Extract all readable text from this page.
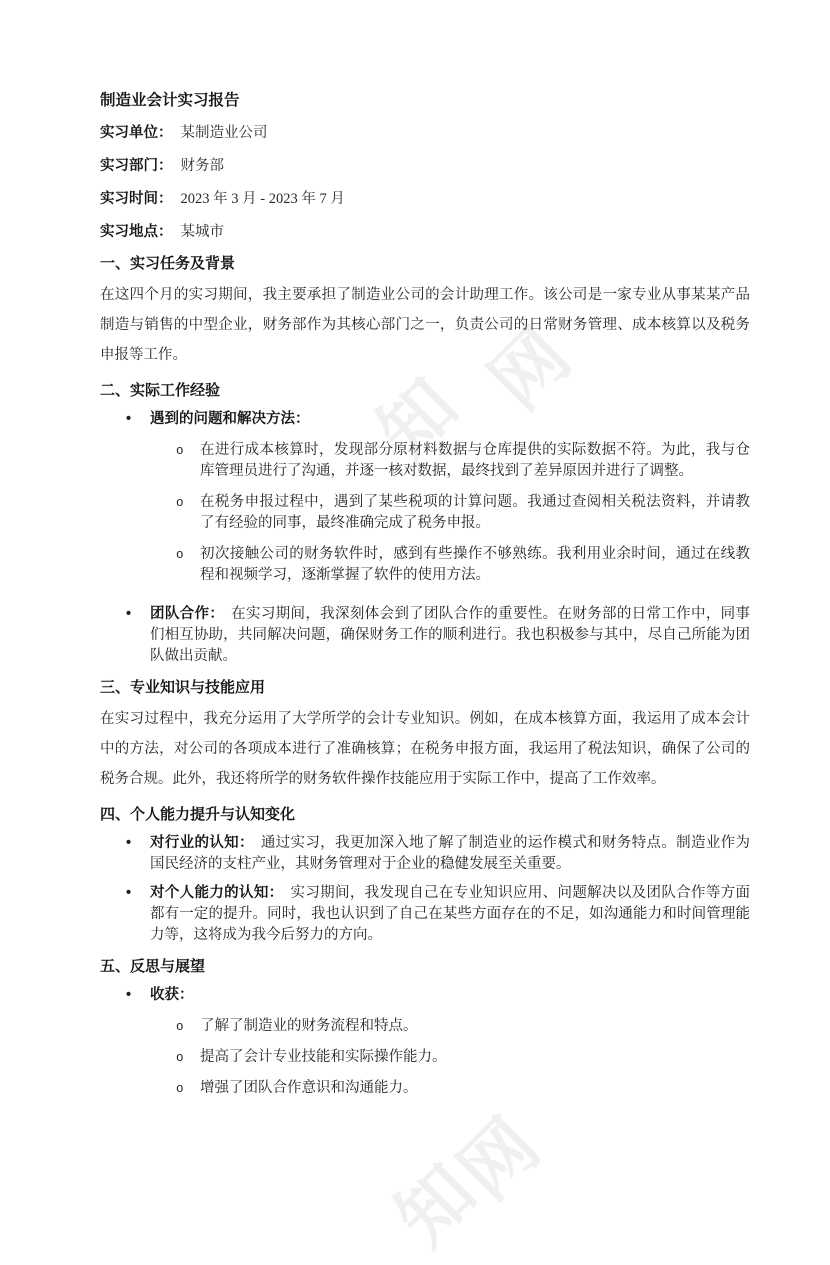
知 网
知
网

制造业会计实习报告

实习单位： 某制造业公司

实习部门： 财务部

实习时间： 2023 年 3 月 - 2023 年 7 月

实习地点： 某城市

一、实习任务及背景

在这四个月的实习期间，我主要承担了制造业公司的会计助理工作。该公司是一家专业从事某某产品制造与销售的中型企业，财务部作为其核心部门之一，负责公司的日常财务管理、成本核算以及税务申报等工作。

二、实际工作经验

• 遇到的问题和解决方法：
o 在进行成本核算时，发现部分原材料数据与仓库提供的实际数据不符。为此，我与仓库管理员进行了沟通，并逐一核对数据，最终找到了差异原因并进行了调整。
o 在税务申报过程中，遇到了某些税项的计算问题。我通过查阅相关税法资料，并请教了有经验的同事，最终准确完成了税务申报。
o 初次接触公司的财务软件时，感到有些操作不够熟练。我利用业余时间，通过在线教程和视频学习，逐渐掌握了软件的使用方法。
• 团队合作： 在实习期间，我深刻体会到了团队合作的重要性。在财务部的日常工作中，同事们相互协助，共同解决问题，确保财务工作的顺利进行。我也积极参与其中，尽自己所能为团队做出贡献。

三、专业知识与技能应用

在实习过程中，我充分运用了大学所学的会计专业知识。例如，在成本核算方面，我运用了成本会计中的方法，对公司的各项成本进行了准确核算；在税务申报方面，我运用了税法知识，确保了公司的税务合规。此外，我还将所学的财务软件操作技能应用于实际工作中，提高了工作效率。

四、个人能力提升与认知变化

• 对行业的认知： 通过实习，我更加深入地了解了制造业的运作模式和财务特点。制造业作为国民经济的支柱产业，其财务管理对于企业的稳健发展至关重要。
• 对个人能力的认知： 实习期间，我发现自己在专业知识应用、问题解决以及团队合作等方面都有一定的提升。同时，我也认识到了自己在某些方面存在的不足，如沟通能力和时间管理能力等，这将成为我今后努力的方向。

五、反思与展望

• 收获：
o 了解了制造业的财务流程和特点。
o 提高了会计专业技能和实际操作能力。
o 增强了团队合作意识和沟通能力。
